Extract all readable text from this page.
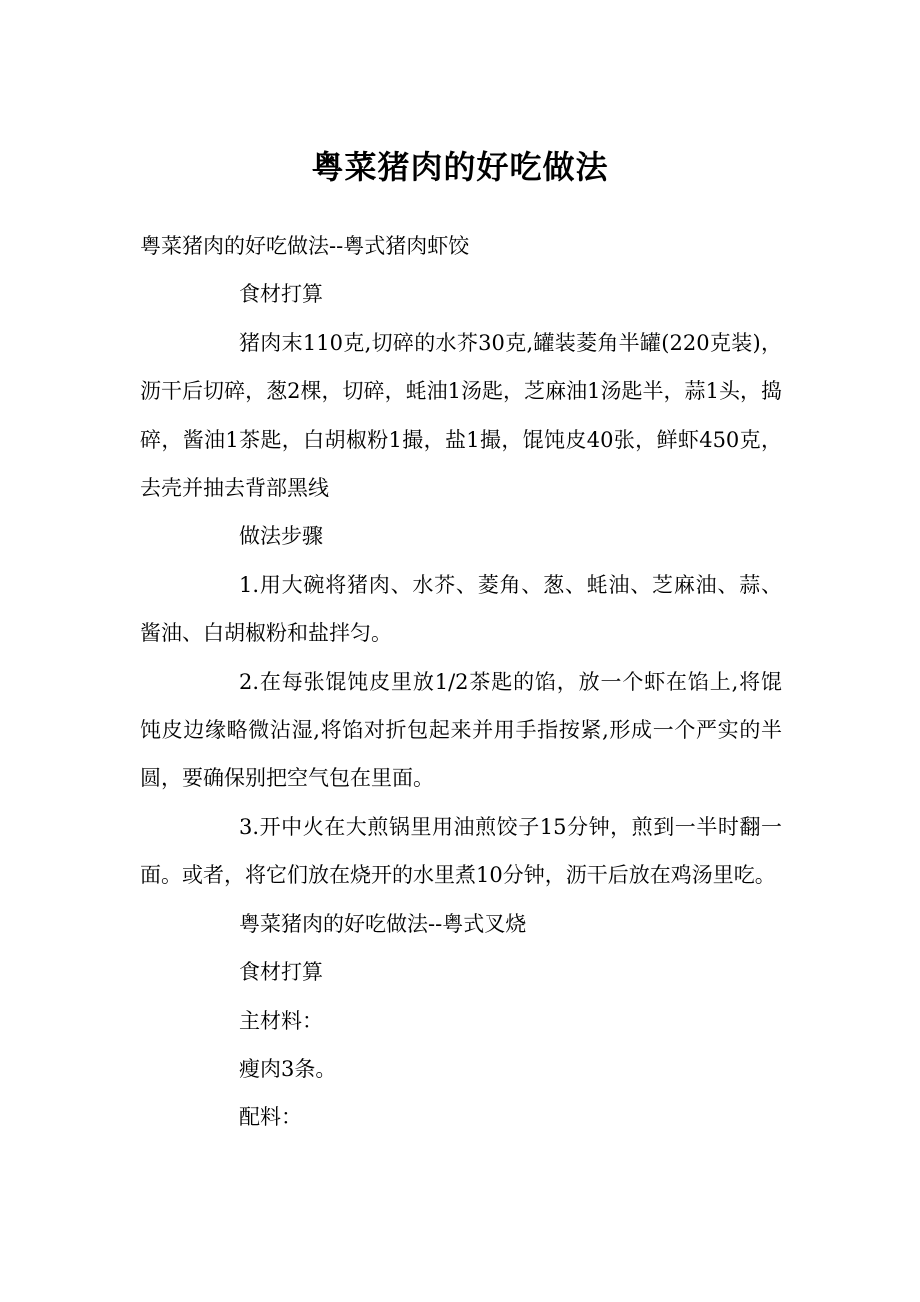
粤菜猪肉的好吃做法

粤菜猪肉的好吃做法--粤式猪肉虾饺

食材打算

猪肉末110克,切碎的水芥30克,罐装菱角半罐(220克装)，沥干后切碎，葱2棵，切碎，蚝油1汤匙，芝麻油1汤匙半，蒜1头，捣碎，酱油1茶匙，白胡椒粉1撮，盐1撮，馄饨皮40张，鲜虾450克，去壳并抽去背部黑线

做法步骤

1.用大碗将猪肉、水芥、菱角、葱、蚝油、芝麻油、蒜、酱油、白胡椒粉和盐拌匀。

2.在每张馄饨皮里放1/2茶匙的馅，放一个虾在馅上,将馄饨皮边缘略微沾湿,将馅对折包起来并用手指按紧,形成一个严实的半圆，要确保别把空气包在里面。

3.开中火在大煎锅里用油煎饺子15分钟，煎到一半时翻一面。或者，将它们放在烧开的水里煮10分钟，沥干后放在鸡汤里吃。

粤菜猪肉的好吃做法--粤式叉烧

食材打算

主材料：

瘦肉3条。

配料：
